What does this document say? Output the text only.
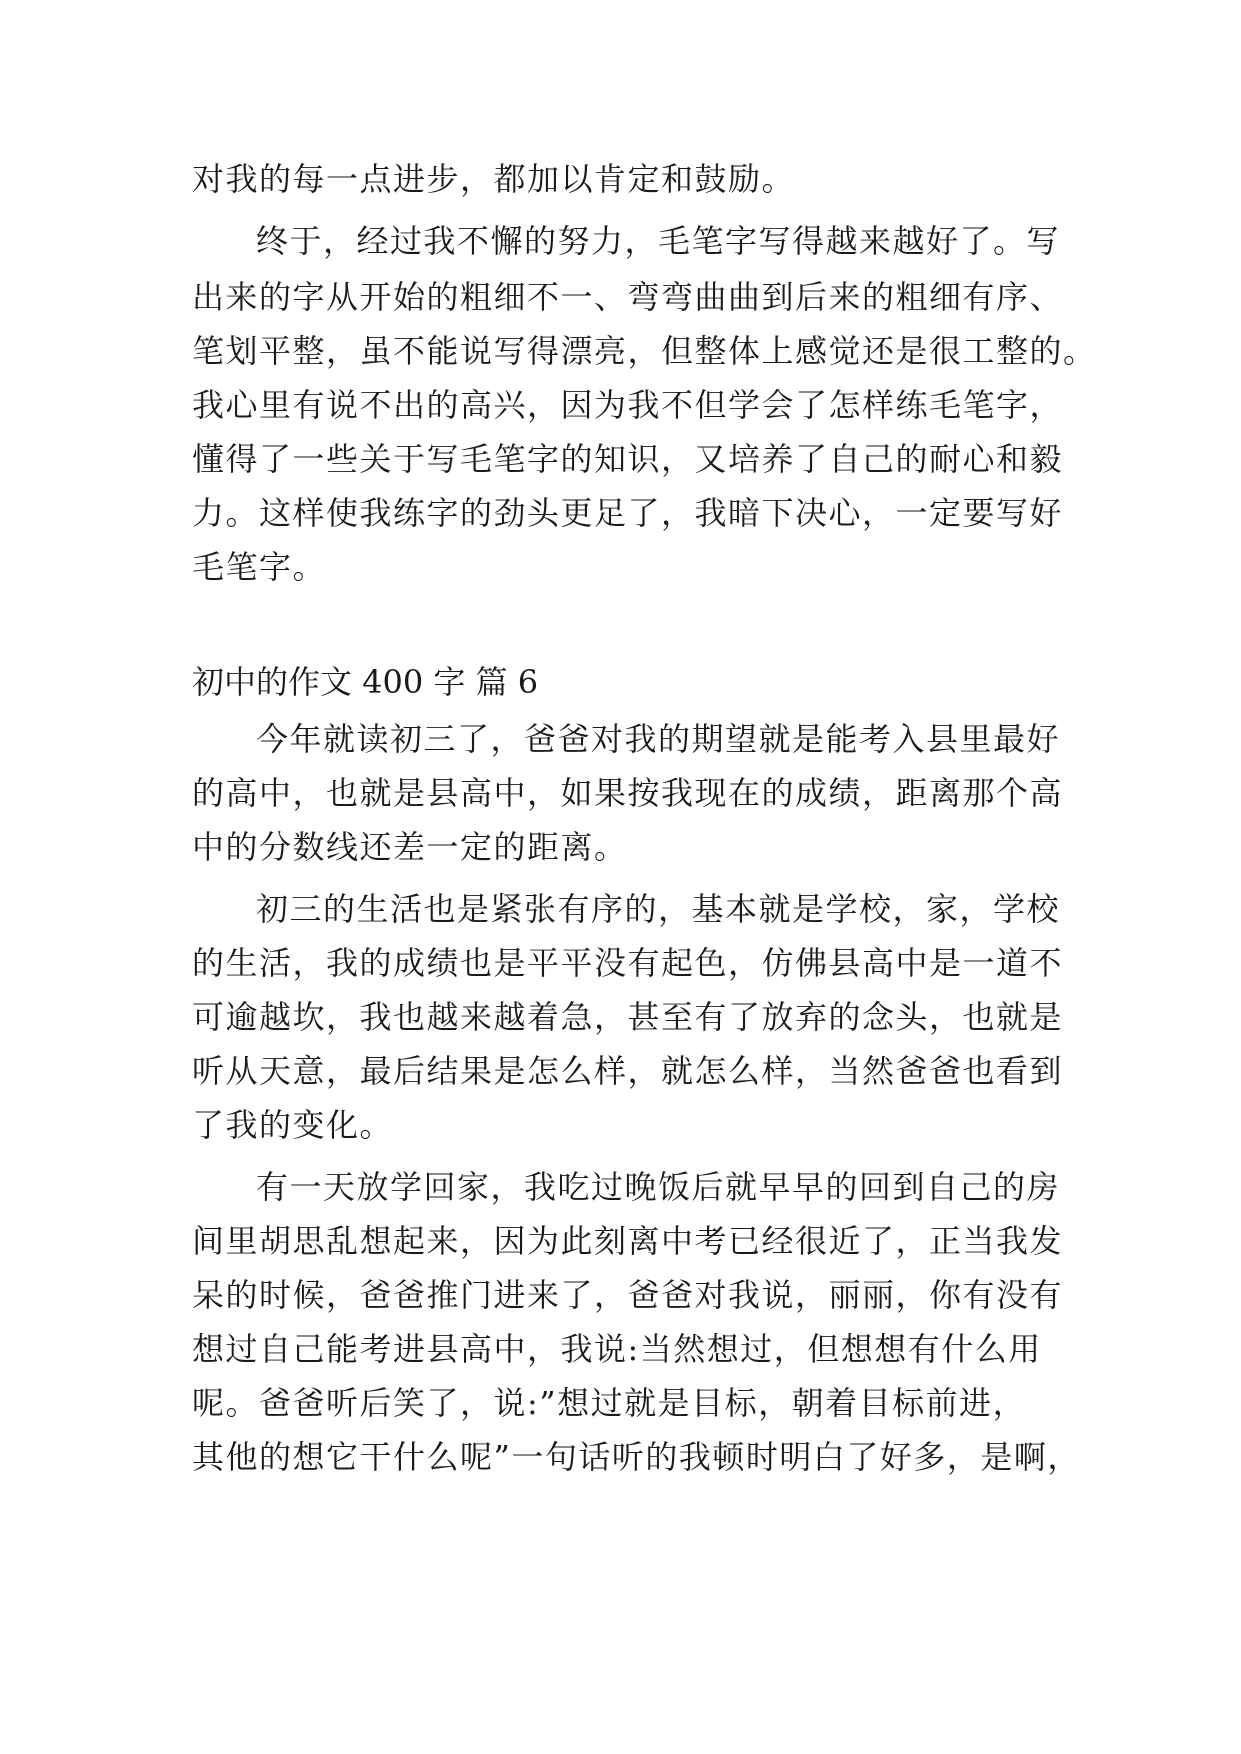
对我的每一点进步，都加以肯定和鼓励。
终于，经过我不懈的努力，毛笔字写得越来越好了。写
出来的字从开始的粗细不一、弯弯曲曲到后来的粗细有序、
笔划平整，虽不能说写得漂亮，但整体上感觉还是很工整的。
我心里有说不出的高兴，因为我不但学会了怎样练毛笔字，
懂得了一些关于写毛笔字的知识，又培养了自己的耐心和毅
力。这样使我练字的劲头更足了，我暗下决心，一定要写好
毛笔字。
初中的作文 400 字 篇 6
今年就读初三了，爸爸对我的期望就是能考入县里最好
的高中，也就是县高中，如果按我现在的成绩，距离那个高
中的分数线还差一定的距离。
初三的生活也是紧张有序的，基本就是学校，家，学校
的生活，我的成绩也是平平没有起色，仿佛县高中是一道不
可逾越坎，我也越来越着急，甚至有了放弃的念头，也就是
听从天意，最后结果是怎么样，就怎么样，当然爸爸也看到
了我的变化。
有一天放学回家，我吃过晚饭后就早早的回到自己的房
间里胡思乱想起来，因为此刻离中考已经很近了，正当我发
呆的时候，爸爸推门进来了，爸爸对我说，丽丽，你有没有
想过自己能考进县高中，我说:当然想过，但想想有什么用
呢。爸爸听后笑了，说:”想过就是目标，朝着目标前进，
其他的想它干什么呢”一句话听的我顿时明白了好多，是啊，
